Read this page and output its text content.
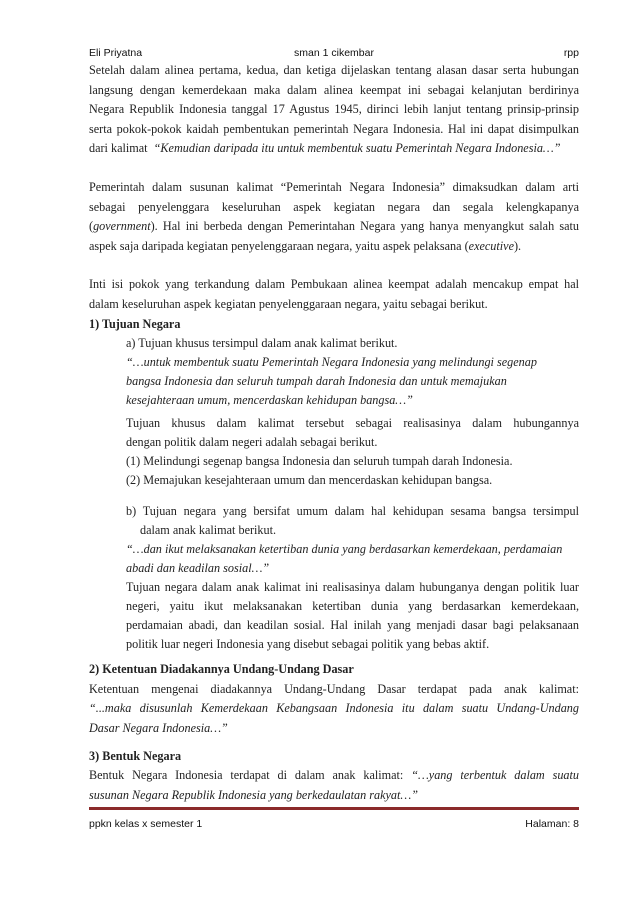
Eli Priyatna	sman 1 cikembar	rpp

Setelah dalam alinea pertama, kedua, dan ketiga dijelaskan tentang alasan dasar serta hubungan

langsung dengan kemerdekaan maka dalam alinea keempat ini sebagai kelanjutan berdirinya

Negara Republik Indonesia tanggal 17 Agustus 1945, dirinci lebih lanjut tentang prinsip-prinsip

serta pokok-pokok kaidah pembentukan pemerintah Negara Indonesia. Hal ini dapat disimpulkan

dari kalimat “Kemudian daripada itu untuk membentuk suatu Pemerintah Negara Indonesia…”

Pemerintah dalam susunan kalimat “Pemerintah Negara Indonesia” dimaksudkan dalam arti

sebagai penyelenggara keseluruhan aspek kegiatan negara dan segala kelengkapanya

(government). Hal ini berbeda dengan Pemerintahan Negara yang hanya menyangkut salah satu

aspek saja daripada kegiatan penyelenggaraan negara, yaitu aspek pelaksana (executive).

Inti isi pokok yang terkandung dalam Pembukaan alinea keempat adalah mencakup empat hal

dalam keseluruhan aspek kegiatan penyelenggaraan negara, yaitu sebagai berikut.

1) Tujuan Negara

a) Tujuan khusus tersimpul dalam anak kalimat berikut.

“…untuk membentuk suatu Pemerintah Negara Indonesia yang melindungi segenap

bangsa Indonesia dan seluruh tumpah darah Indonesia dan untuk memajukan

kesejahteraan umum, mencerdaskan kehidupan bangsa…”

Tujuan khusus dalam kalimat tersebut sebagai realisasinya dalam hubungannya

dengan politik dalam negeri adalah sebagai berikut.

(1) Melindungi segenap bangsa Indonesia dan seluruh tumpah darah Indonesia.

(2) Memajukan kesejahteraan umum dan mencerdaskan kehidupan bangsa.

b) Tujuan negara yang bersifat umum dalam hal kehidupan sesama bangsa tersimpul

dalam anak kalimat berikut.

“…dan ikut melaksanakan ketertiban dunia yang berdasarkan kemerdekaan, perdamaian

abadi dan keadilan sosial…”

Tujuan negara dalam anak kalimat ini realisasinya dalam hubunganya dengan politik luar

negeri, yaitu ikut melaksanakan ketertiban dunia yang berdasarkan kemerdekaan,

perdamaian abadi, dan keadilan sosial. Hal inilah yang menjadi dasar bagi pelaksanaan

politik luar negeri Indonesia yang disebut sebagai politik yang bebas aktif.

2) Ketentuan Diadakannya Undang-Undang Dasar

Ketentuan mengenai diadakannya Undang-Undang Dasar terdapat pada anak kalimat:

“...maka disusunlah Kemerdekaan Kebangsaan Indonesia itu dalam suatu Undang-Undang

Dasar Negara Indonesia…”

3) Bentuk Negara

Bentuk Negara Indonesia terdapat di dalam anak kalimat: “…yang terbentuk dalam suatu

susunan Negara Republik Indonesia yang berkedaulatan rakyat…”

ppkn kelas x semester 1	Halaman: 8
